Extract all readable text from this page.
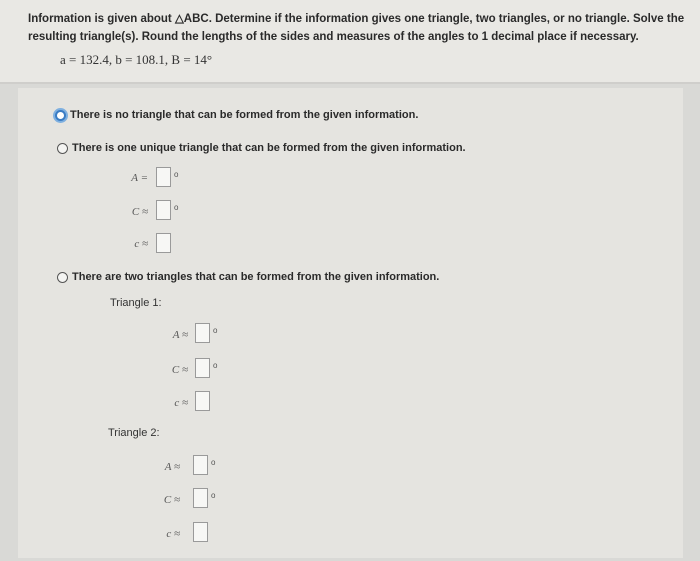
Information is given about △ABC. Determine if the information gives one triangle, two triangles, or no triangle. Solve the resulting triangle(s). Round the lengths of the sides and measures of the angles to 1 decimal place if necessary.
a = 132.4, b = 108.1, B = 14°
There is no triangle that can be formed from the given information.
There is one unique triangle that can be formed from the given information.
A =	o
C ≈	o
c ≈
There are two triangles that can be formed from the given information.
Triangle 1:
A ≈	o
C ≈	o
c ≈
Triangle 2:
A ≈	o
C ≈	o
c ≈
